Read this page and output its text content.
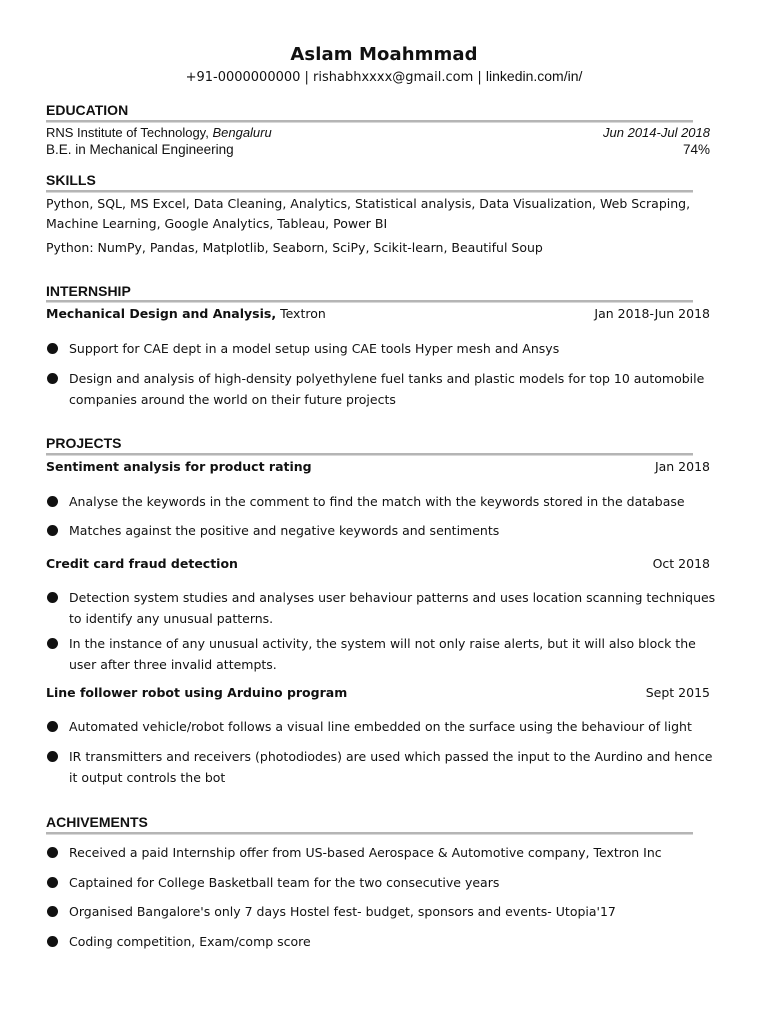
Aslam Moahmmad
+91-0000000000 | rishabhxxxx@gmail.com | linkedin.com/in/
EDUCATION
RNS Institute of Technology, Bengaluru	Jun 2014-Jul 2018
B.E. in Mechanical Engineering	74%
SKILLS
Python, SQL, MS Excel, Data Cleaning, Analytics, Statistical analysis, Data Visualization, Web Scraping, Machine Learning, Google Analytics, Tableau, Power BI
Python: NumPy, Pandas, Matplotlib, Seaborn, SciPy, Scikit-learn, Beautiful Soup
INTERNSHIP
Mechanical Design and Analysis, Textron	Jan 2018-Jun 2018
Support for CAE dept in a model setup using CAE tools Hyper mesh and Ansys
Design and analysis of high-density polyethylene fuel tanks and plastic models for top 10 automobile companies around the world on their future projects
PROJECTS
Sentiment analysis for product rating	Jan 2018
Analyse the keywords in the comment to find the match with the keywords stored in the database
Matches against the positive and negative keywords and sentiments
Credit card fraud detection	Oct 2018
Detection system studies and analyses user behaviour patterns and uses location scanning techniques to identify any unusual patterns.
In the instance of any unusual activity, the system will not only raise alerts, but it will also block the user after three invalid attempts.
Line follower robot using Arduino program	Sept 2015
Automated vehicle/robot follows a visual line embedded on the surface using the behaviour of light
IR transmitters and receivers (photodiodes) are used which passed the input to the Aurdino and hence it output controls the bot
ACHIVEMENTS
Received a paid Internship offer from US-based Aerospace & Automotive company, Textron Inc
Captained for College Basketball team for the two consecutive years
Organised Bangalore's only 7 days Hostel fest- budget, sponsors and events- Utopia'17
Coding competition, Exam/comp score
